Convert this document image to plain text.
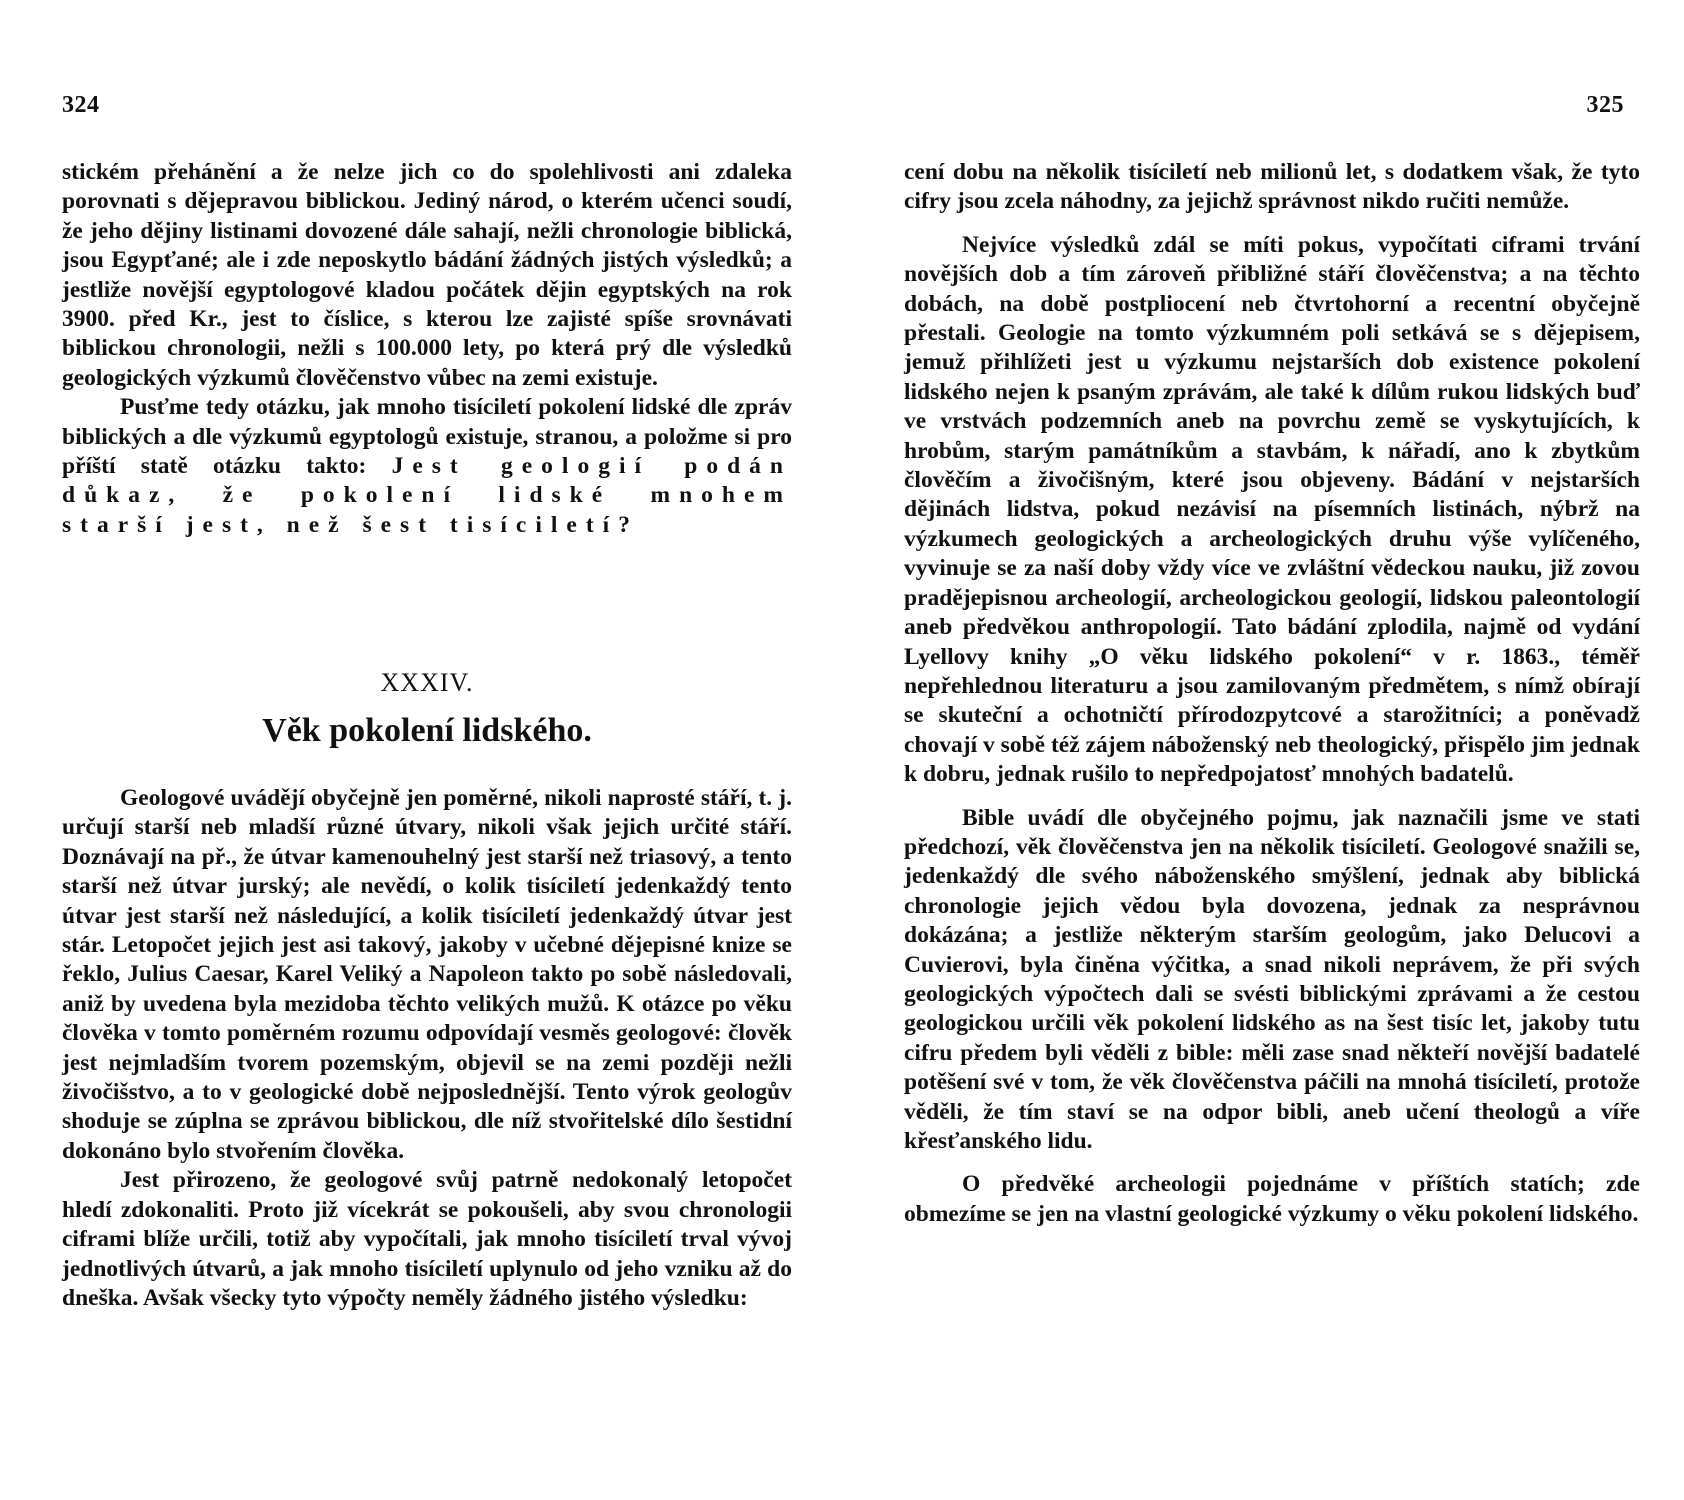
324

stickém přehánění a že nelze jich co do spolehlivosti ani zdaleka porovnati s dějepravou biblickou. Jediný národ, o kterém učenci soudí, že jeho dějiny listinami dovozené dále sahají, nežli chronologie biblická, jsou Egypťané; ale i zde neposkytlo bádání žádných jistých výsledků; a jestliže novější egyptologové kladou počátek dějin egyptských na rok 3900. před Kr., jest to číslice, s kterou lze zajisté spíše srovnávati biblickou chronologii, nežli s 100.000 lety, po která prý dle výsledků geologických výzkumů člověčenstvo vůbec na zemi existuje.

Pusťme tedy otázku, jak mnoho tisíciletí pokolení lidské dle zpráv biblických a dle výzkumů egyptologů existuje, stranou, a položme si pro příští statě otázku takto: Jest geologií podán důkaz, že pokolení lidské mnohem starší jest, než šest tisíciletí?

XXXIV.
Věk pokolení lidského.

Geologové uvádějí obyčejně jen poměrné, nikoli naprosté stáří, t. j. určují starší neb mladší různé útvary, nikoli však jejich určité stáří. Doznávají na př., že útvar kamenouhelný jest starší než triasový, a tento starší než útvar jurský; ale nevědí, o kolik tisíciletí jedenkaždý tento útvar jest starší než následující, a kolik tisíciletí jedenkaždý útvar jest stár. Letopočet jejich jest asi takový, jakoby v učebné dějepisné knize se řeklo, Julius Caesar, Karel Veliký a Napoleon takto po sobě následovali, aniž by uvedena byla mezidoba těchto velikých mužů. K otázce po věku člověka v tomto poměrném rozumu odpovídají vesměs geologové: člověk jest nejmladším tvorem pozemským, objevil se na zemi později nežli živočišstvo, a to v geologické době nejposlednější. Tento výrok geologův shoduje se zúplna se zprávou biblickou, dle níž stvořitelské dílo šestidní dokonáno bylo stvořením člověka.

Jest přirozeno, že geologové svůj patrně nedokonalý letopočet hledí zdokonaliti. Proto již vícekrát se pokoušeli, aby svou chronologii ciframi blíže určili, totiž aby vypočítali, jak mnoho tisíciletí trval vývoj jednotlivých útvarů, a jak mnoho tisíciletí uplynulo od jeho vzniku až do dneška. Avšak všecky tyto výpočty neměly žádného jistého výsledku:

325

cení dobu na několik tisíciletí neb milionů let, s dodatkem však, že tyto cifry jsou zcela náhodny, za jejichž správnost nikdo ručiti nemůže.

Nejvíce výsledků zdál se míti pokus, vypočítati ciframi trvání novějších dob a tím zároveň přibližné stáří člověčenstva; a na těchto dobách, na době postpliocení neb čtvrtohorní a recentní obyčejně přestali. Geologie na tomto výzkumném poli setkává se s dějepisem, jemuž přihlížeti jest u výzkumu nejstarších dob existence pokolení lidského nejen k psaným zprávám, ale také k dílům rukou lidských buď ve vrstvách podzemních aneb na povrchu země se vyskytujících, k hrobům, starým památníkům a stavbám, k nářadí, ano k zbytkům člověčím a živočišným, které jsou objeveny. Bádání v nejstarších dějinách lidstva, pokud nezávisí na písemních listinách, nýbrž na výzkumech geologických a archeologických druhu výše vylíčeného, vyvinuje se za naší doby vždy více ve zvláštní vědeckou nauku, již zovou pradějepisnou archeologií, archeologickou geologií, lidskou paleontologií aneb předvěkou anthropologií. Tato bádání zplodila, najmě od vydání Lyellovy knihy „O věku lidského pokolení“ v r. 1863., téměř nepřehlednou literaturu a jsou zamilovaným předmětem, s nímž obírají se skuteční a ochotničtí přírodozpytcové a starožitníci; a poněvadž chovají v sobě též zájem náboženský neb theologický, přispělo jim jednak k dobru, jednak rušilo to nepředpojatosť mnohých badatelů.

Bible uvádí dle obyčejného pojmu, jak naznačili jsme ve stati předchozí, věk člověčenstva jen na několik tisíciletí. Geologové snažili se, jedenkaždý dle svého náboženského smýšlení, jednak aby biblická chronologie jejich vědou byla dovozena, jednak za nesprávnou dokázána; a jestliže některým starším geologům, jako Delucovi a Cuvierovi, byla činěna výčitka, a snad nikoli neprávem, že při svých geologických výpočtech dali se svésti biblickými zprávami a že cestou geologickou určili věk pokolení lidského as na šest tisíc let, jakoby tutu cifru předem byli věděli z bible: měli zase snad někteří novější badatelé potěšení své v tom, že věk člověčenstva páčili na mnohá tisíciletí, protože věděli, že tím staví se na odpor bibli, aneb učení theologů a víře křesťanského lidu.

O předvěké archeologii pojednáme v příštích statích; zde obmezíme se jen na vlastní geologické výzkumy o věku pokolení lidského.
